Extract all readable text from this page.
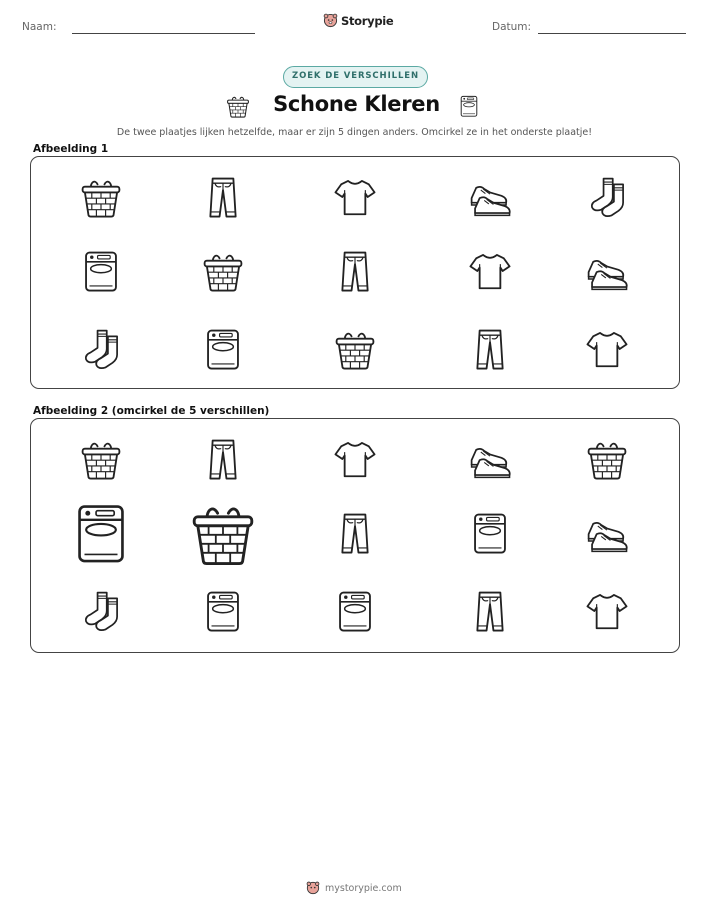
Naam:	Storypie	Datum:
ZOEK DE VERSCHILLEN
Schone Kleren
De twee plaatjes lijken hetzelfde, maar er zijn 5 dingen anders. Omcirkel ze in het onderste plaatje!
Afbeelding 1
Afbeelding 2 (omcirkel de 5 verschillen)
mystorypie.com
